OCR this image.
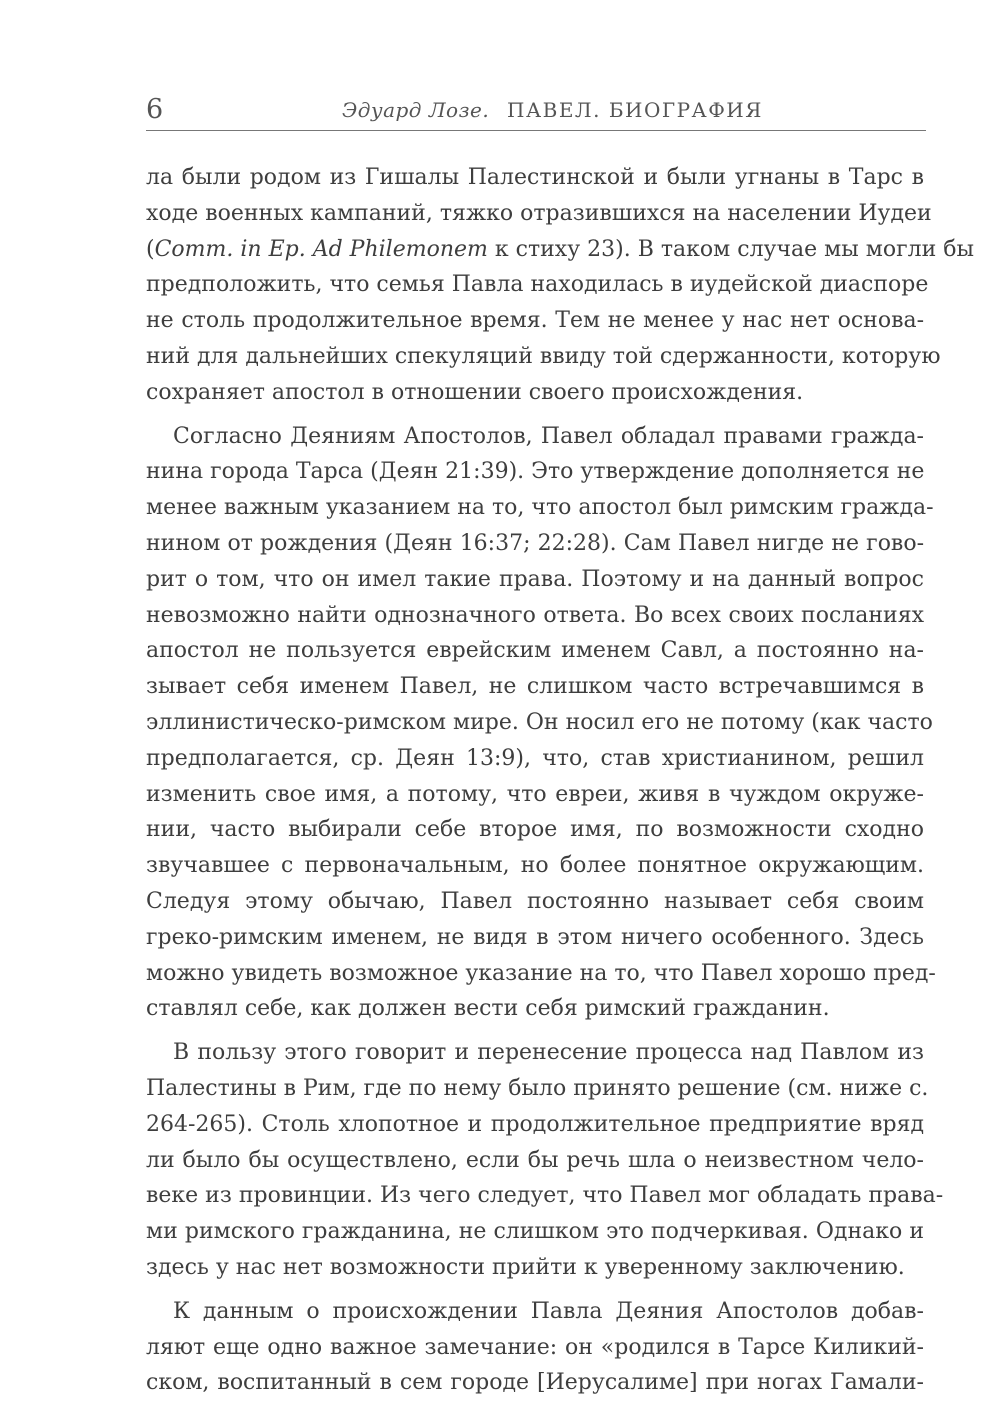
6	Эдуард Лозе. ПАВЕЛ. БИОГРАФИЯ
ла были родом из Гишалы Палестинской и были угнаны в Тарс в
ходе военных кампаний, тяжко отразившихся на населении Иудеи
(Comm. in Ep. Ad Philemonem к стиху 23). В таком случае мы могли бы
предположить, что семья Павла находилась в иудейской диаспоре
не столь продолжительное время. Тем не менее у нас нет основа-
ний для дальнейших спекуляций ввиду той сдержанности, которую
сохраняет апостол в отношении своего происхождения.
Согласно Деяниям Апостолов, Павел обладал правами гражда-
нина города Тарса (Деян 21:39). Это утверждение дополняется не
менее важным указанием на то, что апостол был римским гражда-
нином от рождения (Деян 16:37; 22:28). Сам Павел нигде не гово-
рит о том, что он имел такие права. Поэтому и на данный вопрос
невозможно найти однозначного ответа. Во всех своих посланиях
апостол не пользуется еврейским именем Савл, а постоянно на-
зывает себя именем Павел, не слишком часто встречавшимся в
эллинистическо-римском мире. Он носил его не потому (как часто
предполагается, ср. Деян 13:9), что, став христианином, решил
изменить свое имя, а потому, что евреи, живя в чуждом окруже-
нии, часто выбирали себе второе имя, по возможности сходно
звучавшее с первоначальным, но более понятное окружающим.
Следуя этому обычаю, Павел постоянно называет себя своим
греко-римским именем, не видя в этом ничего особенного. Здесь
можно увидеть возможное указание на то, что Павел хорошо пред-
ставлял себе, как должен вести себя римский гражданин.
В пользу этого говорит и перенесение процесса над Павлом из
Палестины в Рим, где по нему было принято решение (см. ниже с.
264-265). Столь хлопотное и продолжительное предприятие вряд
ли было бы осуществлено, если бы речь шла о неизвестном чело-
веке из провинции. Из чего следует, что Павел мог обладать права-
ми римского гражданина, не слишком это подчеркивая. Однако и
здесь у нас нет возможности прийти к уверенному заключению.
К данным о происхождении Павла Деяния Апостолов добав-
ляют еще одно важное замечание: он «родился в Тарсе Киликий-
ском, воспитанный в сем городе [Иерусалиме] при ногах Гамали-
